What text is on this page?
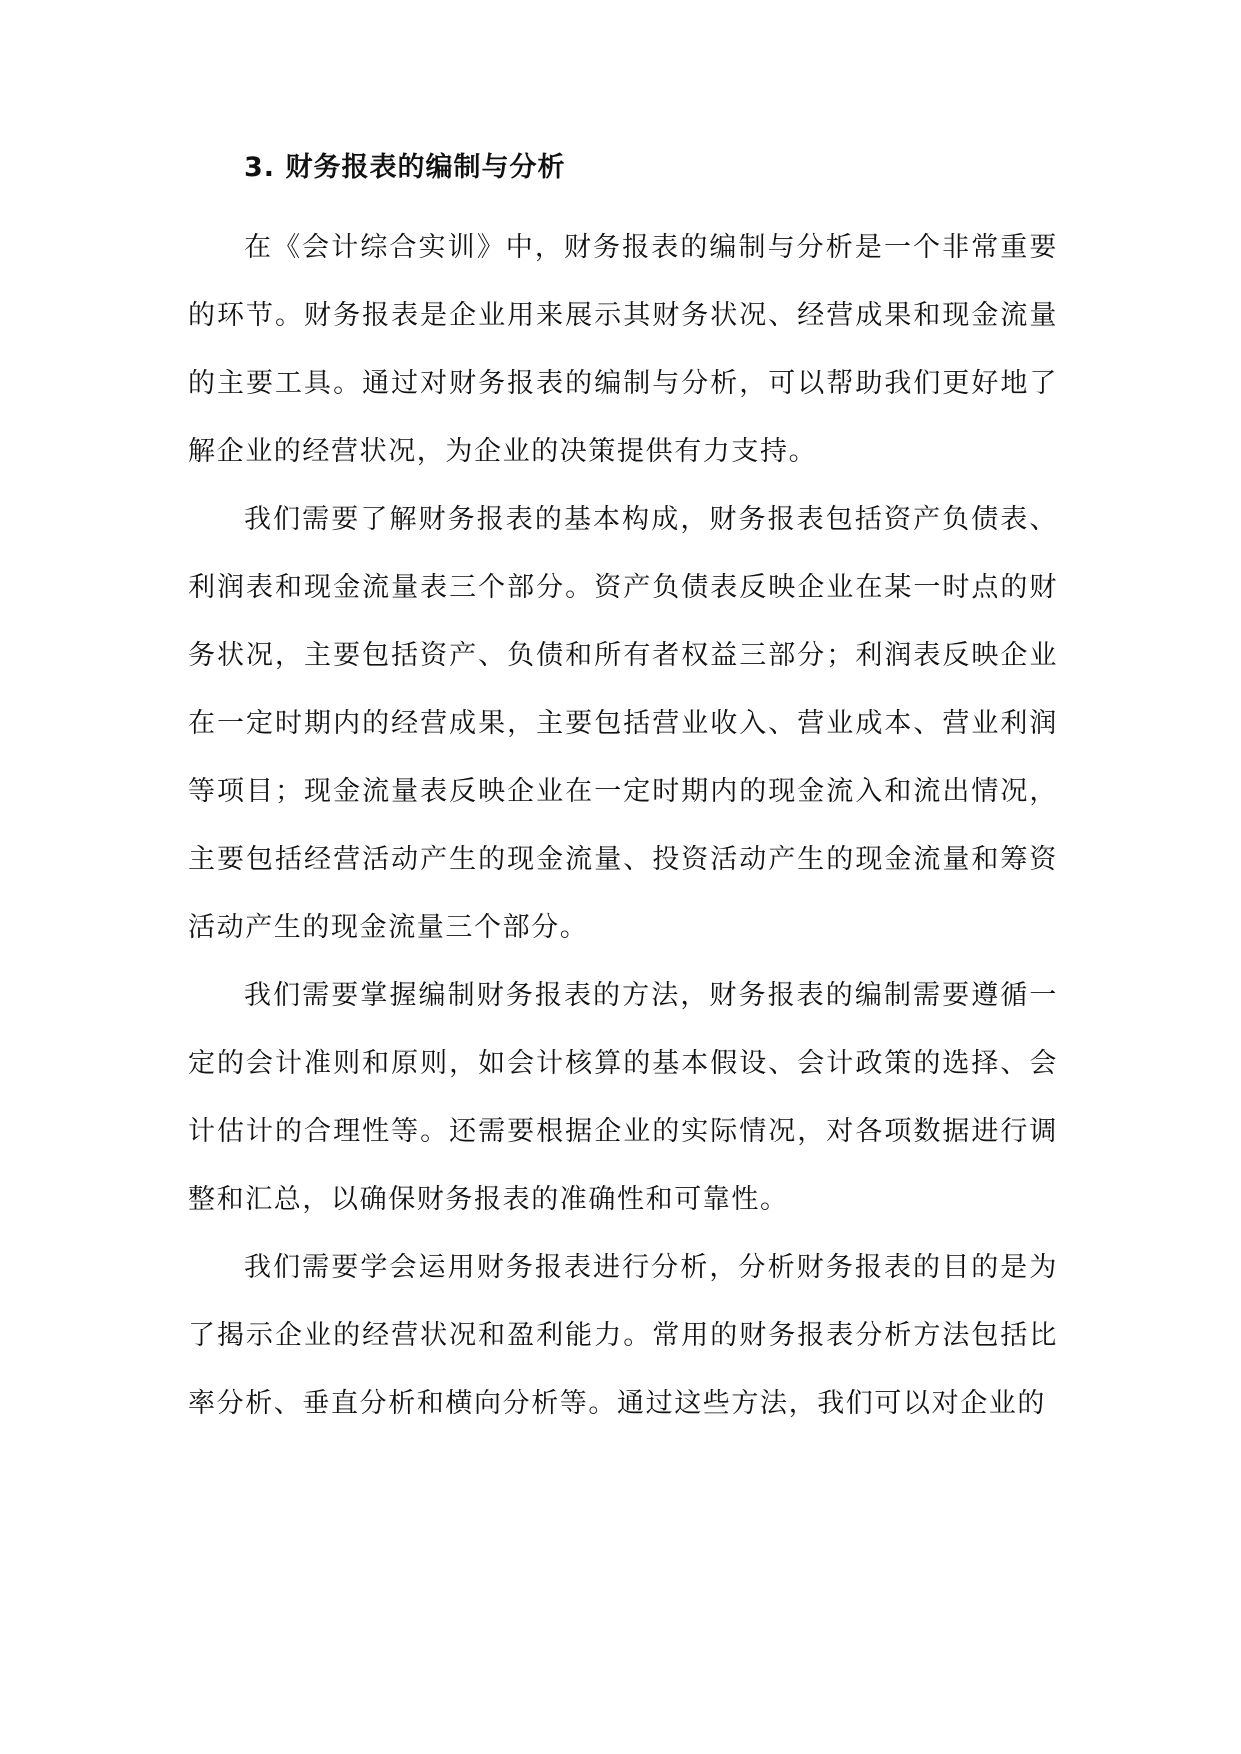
3. 财务报表的编制与分析

在《会计综合实训》中，财务报表的编制与分析是一个非常重要的环节。财务报表是企业用来展示其财务状况、经营成果和现金流量的主要工具。通过对财务报表的编制与分析，可以帮助我们更好地了解企业的经营状况，为企业的决策提供有力支持。

我们需要了解财务报表的基本构成，财务报表包括资产负债表、利润表和现金流量表三个部分。资产负债表反映企业在某一时点的财务状况，主要包括资产、负债和所有者权益三部分；利润表反映企业在一定时期内的经营成果，主要包括营业收入、营业成本、营业利润等项目；现金流量表反映企业在一定时期内的现金流入和流出情况，主要包括经营活动产生的现金流量、投资活动产生的现金流量和筹资活动产生的现金流量三个部分。

我们需要掌握编制财务报表的方法，财务报表的编制需要遵循一定的会计准则和原则，如会计核算的基本假设、会计政策的选择、会计估计的合理性等。还需要根据企业的实际情况，对各项数据进行调整和汇总，以确保财务报表的准确性和可靠性。

我们需要学会运用财务报表进行分析，分析财务报表的目的是为了揭示企业的经营状况和盈利能力。常用的财务报表分析方法包括比率分析、垂直分析和横向分析等。通过这些方法，我们可以对企业的
